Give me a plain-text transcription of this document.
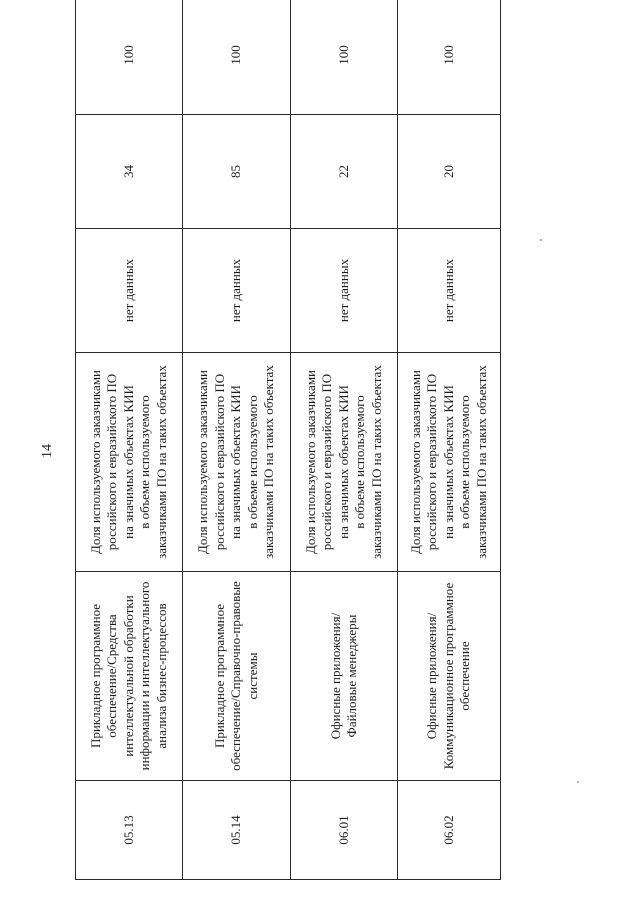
14
05.13	Прикладное программное обеспечение/Средства интеллектуальной обработки информации и интеллектуального анализа бизнес-процессов	Доля используемого заказчиками российского и евразийского ПО на значимых объектах КИИ в объеме используемого заказчиками ПО на таких объектах	нет данных	34	100
05.14	Прикладное программное обеспечение/Справочно-правовые системы	Доля используемого заказчиками российского и евразийского ПО на значимых объектах КИИ в объеме используемого заказчиками ПО на таких объектах	нет данных	85	100
06.01	Офисные приложения/ Файловые менеджеры	Доля используемого заказчиками российского и евразийского ПО на значимых объектах КИИ в объеме используемого заказчиками ПО на таких объектах	нет данных	22	100
06.02	Офисные приложения/ Коммуникационное программное обеспечение	Доля используемого заказчиками российского и евразийского ПО на значимых объектах КИИ в объеме используемого заказчиками ПО на таких объектах	нет данных	20	100
